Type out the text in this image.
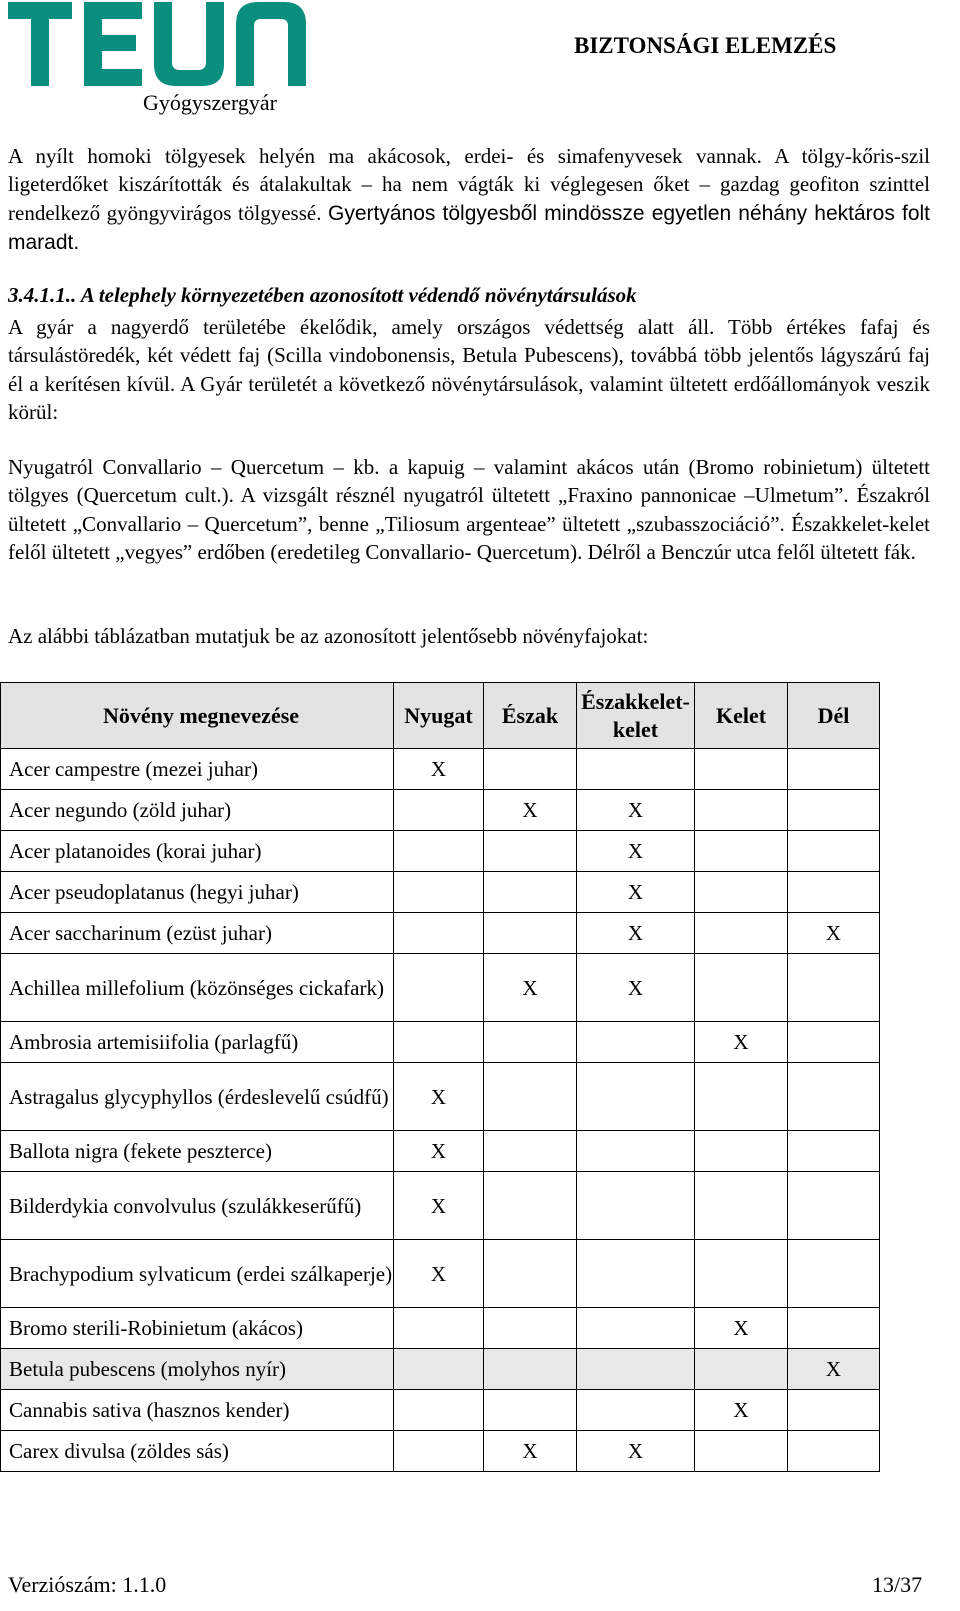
Gyógyszergyár
BIZTONSÁGI ELEMZÉS
A nyílt homoki tölgyesek helyén ma akácosok, erdei- és simafenyvesek vannak. A tölgy-kőris-szil ligeterdőket kiszárították és átalakultak – ha nem vágták ki véglegesen őket – gazdag geofiton szinttel rendelkező gyöngyvirágos tölgyessé. Gyertyános tölgyesből mindössze egyetlen néhány hektáros folt maradt.
3.4.1.1.. A telephely környezetében azonosított védendő növénytársulások
A gyár a nagyerdő területébe ékelődik, amely országos védettség alatt áll. Több értékes fafaj és társulástöredék, két védett faj (Scilla vindobonensis, Betula Pubescens), továbbá több jelentős lágyszárú faj él a kerítésen kívül. A Gyár területét a következő növénytársulások, valamint ültetett erdőállományok veszik körül:
Nyugatról Convallario – Quercetum – kb. a kapuig – valamint akácos után (Bromo robinietum) ültetett tölgyes (Quercetum cult.). A vizsgált résznél nyugatról ültetett „Fraxino pannonicae –Ulmetum”. Északról ültetett „Convallario – Quercetum”, benne „Tiliosum argenteae” ültetett „szubasszociáció”. Északkelet-kelet felől ültetett „vegyes” erdőben (eredetileg Convallario- Quercetum). Délről a Benczúr utca felől ültetett fák.
Az alábbi táblázatban mutatjuk be az azonosított jelentősebb növényfajokat:
Növény megnevezése	Nyugat	Észak	Északkelet-
kelet	Kelet	Dél
Acer campestre (mezei juhar)	X				
Acer negundo (zöld juhar)		X	X		
Acer platanoides (korai juhar)			X		
Acer pseudoplatanus (hegyi juhar)			X		
Acer saccharinum (ezüst juhar)			X		X
Achillea millefolium (közönséges cickafark)		X	X		
Ambrosia artemisiifolia (parlagfű)				X	
Astragalus glycyphyllos (érdeslevelű csúdfű)	X				
Ballota nigra (fekete peszterce)	X				
Bilderdykia convolvulus (szulákkeserűfű)	X				
Brachypodium sylvaticum (erdei szálkaperje)	X				
Bromo sterili-Robinietum (akácos)				X	
Betula pubescens (molyhos nyír)					X
Cannabis sativa (hasznos kender)				X	
Carex divulsa (zöldes sás)		X	X		
Verziószám: 1.1.0	13/37
